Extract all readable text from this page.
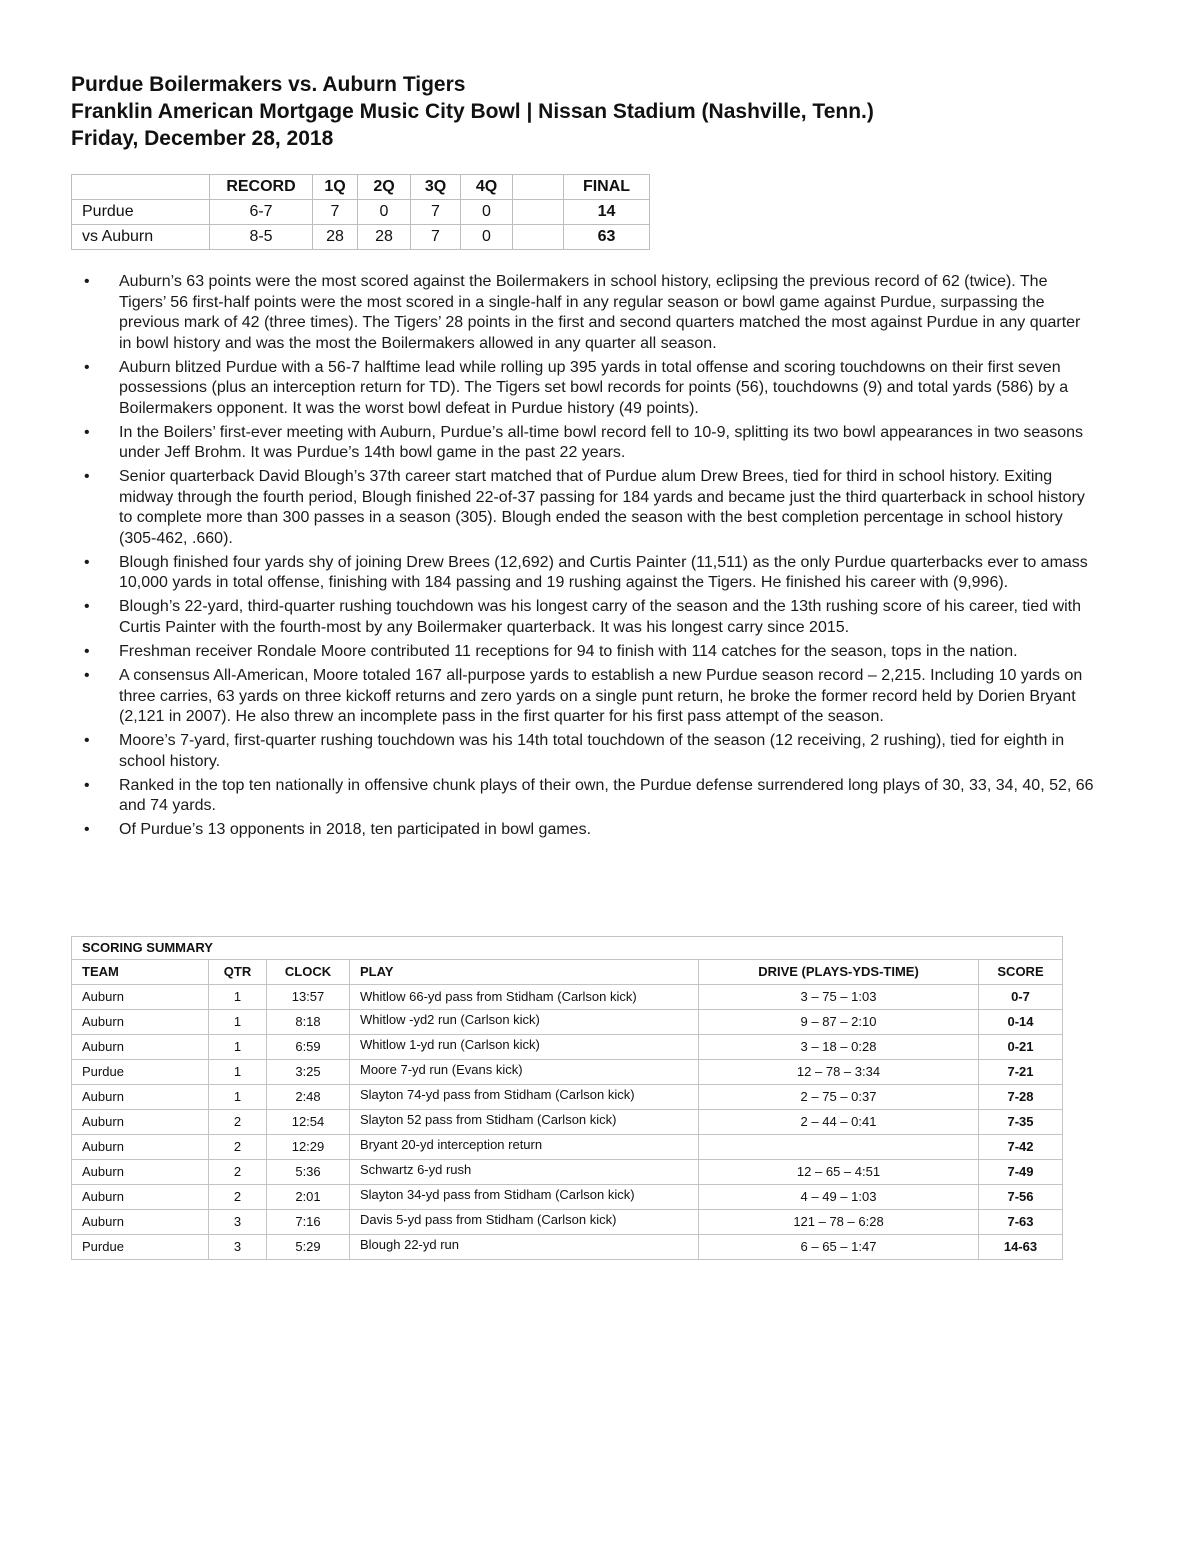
Purdue Boilermakers vs. Auburn Tigers
Franklin American Mortgage Music City Bowl | Nissan Stadium (Nashville, Tenn.)
Friday, December 28, 2018
	RECORD	1Q	2Q	3Q	4Q		FINAL
Purdue	6-7	7	0	7	0		14
vs Auburn	8-5	28	28	7	0		63
• Auburn’s 63 points were the most scored against the Boilermakers in school history, eclipsing the previous record of 62 (twice). The Tigers’ 56 first-half points were the most scored in a single-half in any regular season or bowl game against Purdue, surpassing the previous mark of 42 (three times). The Tigers’ 28 points in the first and second quarters matched the most against Purdue in any quarter in bowl history and was the most the Boilermakers allowed in any quarter all season.
• Auburn blitzed Purdue with a 56-7 halftime lead while rolling up 395 yards in total offense and scoring touchdowns on their first seven possessions (plus an interception return for TD). The Tigers set bowl records for points (56), touchdowns (9) and total yards (586) by a Boilermakers opponent. It was the worst bowl defeat in Purdue history (49 points).
• In the Boilers’ first-ever meeting with Auburn, Purdue’s all-time bowl record fell to 10-9, splitting its two bowl appearances in two seasons under Jeff Brohm. It was Purdue’s 14th bowl game in the past 22 years.
• Senior quarterback David Blough’s 37th career start matched that of Purdue alum Drew Brees, tied for third in school history. Exiting midway through the fourth period, Blough finished 22-of-37 passing for 184 yards and became just the third quarterback in school history to complete more than 300 passes in a season (305). Blough ended the season with the best completion percentage in school history (305-462, .660).
• Blough finished four yards shy of joining Drew Brees (12,692) and Curtis Painter (11,511) as the only Purdue quarterbacks ever to amass 10,000 yards in total offense, finishing with 184 passing and 19 rushing against the Tigers. He finished his career with (9,996).
• Blough’s 22-yard, third-quarter rushing touchdown was his longest carry of the season and the 13th rushing score of his career, tied with Curtis Painter with the fourth-most by any Boilermaker quarterback. It was his longest carry since 2015.
• Freshman receiver Rondale Moore contributed 11 receptions for 94 to finish with 114 catches for the season, tops in the nation.
• A consensus All-American, Moore totaled 167 all-purpose yards to establish a new Purdue season record – 2,215. Including 10 yards on three carries, 63 yards on three kickoff returns and zero yards on a single punt return, he broke the former record held by Dorien Bryant (2,121 in 2007). He also threw an incomplete pass in the first quarter for his first pass attempt of the season.
• Moore’s 7-yard, first-quarter rushing touchdown was his 14th total touchdown of the season (12 receiving, 2 rushing), tied for eighth in school history.
• Ranked in the top ten nationally in offensive chunk plays of their own, the Purdue defense surrendered long plays of 30, 33, 34, 40, 52, 66 and 74 yards.
• Of Purdue’s 13 opponents in 2018, ten participated in bowl games.
SCORING SUMMARY					
TEAM	QTR	CLOCK	PLAY	DRIVE (PLAYS-YDS-TIME)	SCORE
Auburn	1	13:57	Whitlow 66-yd pass from Stidham (Carlson kick)	3 – 75 – 1:03	0-7
Auburn	1	8:18	Whitlow -yd2 run (Carlson kick)	9 – 87 – 2:10	0-14
Auburn	1	6:59	Whitlow 1-yd run (Carlson kick)	3 – 18 – 0:28	0-21
Purdue	1	3:25	Moore 7-yd run (Evans kick)	12 – 78 – 3:34	7-21
Auburn	1	2:48	Slayton 74-yd pass from Stidham (Carlson kick)	2 – 75 – 0:37	7-28
Auburn	2	12:54	Slayton 52 pass from Stidham (Carlson kick)	2 – 44 – 0:41	7-35
Auburn	2	12:29	Bryant 20-yd interception return		7-42
Auburn	2	5:36	Schwartz 6-yd rush	12 – 65 – 4:51	7-49
Auburn	2	2:01	Slayton 34-yd pass from Stidham (Carlson kick)	4 – 49 – 1:03	7-56
Auburn	3	7:16	Davis 5-yd pass from Stidham (Carlson kick)	121 – 78 – 6:28	7-63
Purdue	3	5:29	Blough 22-yd run	6 – 65 – 1:47	14-63
